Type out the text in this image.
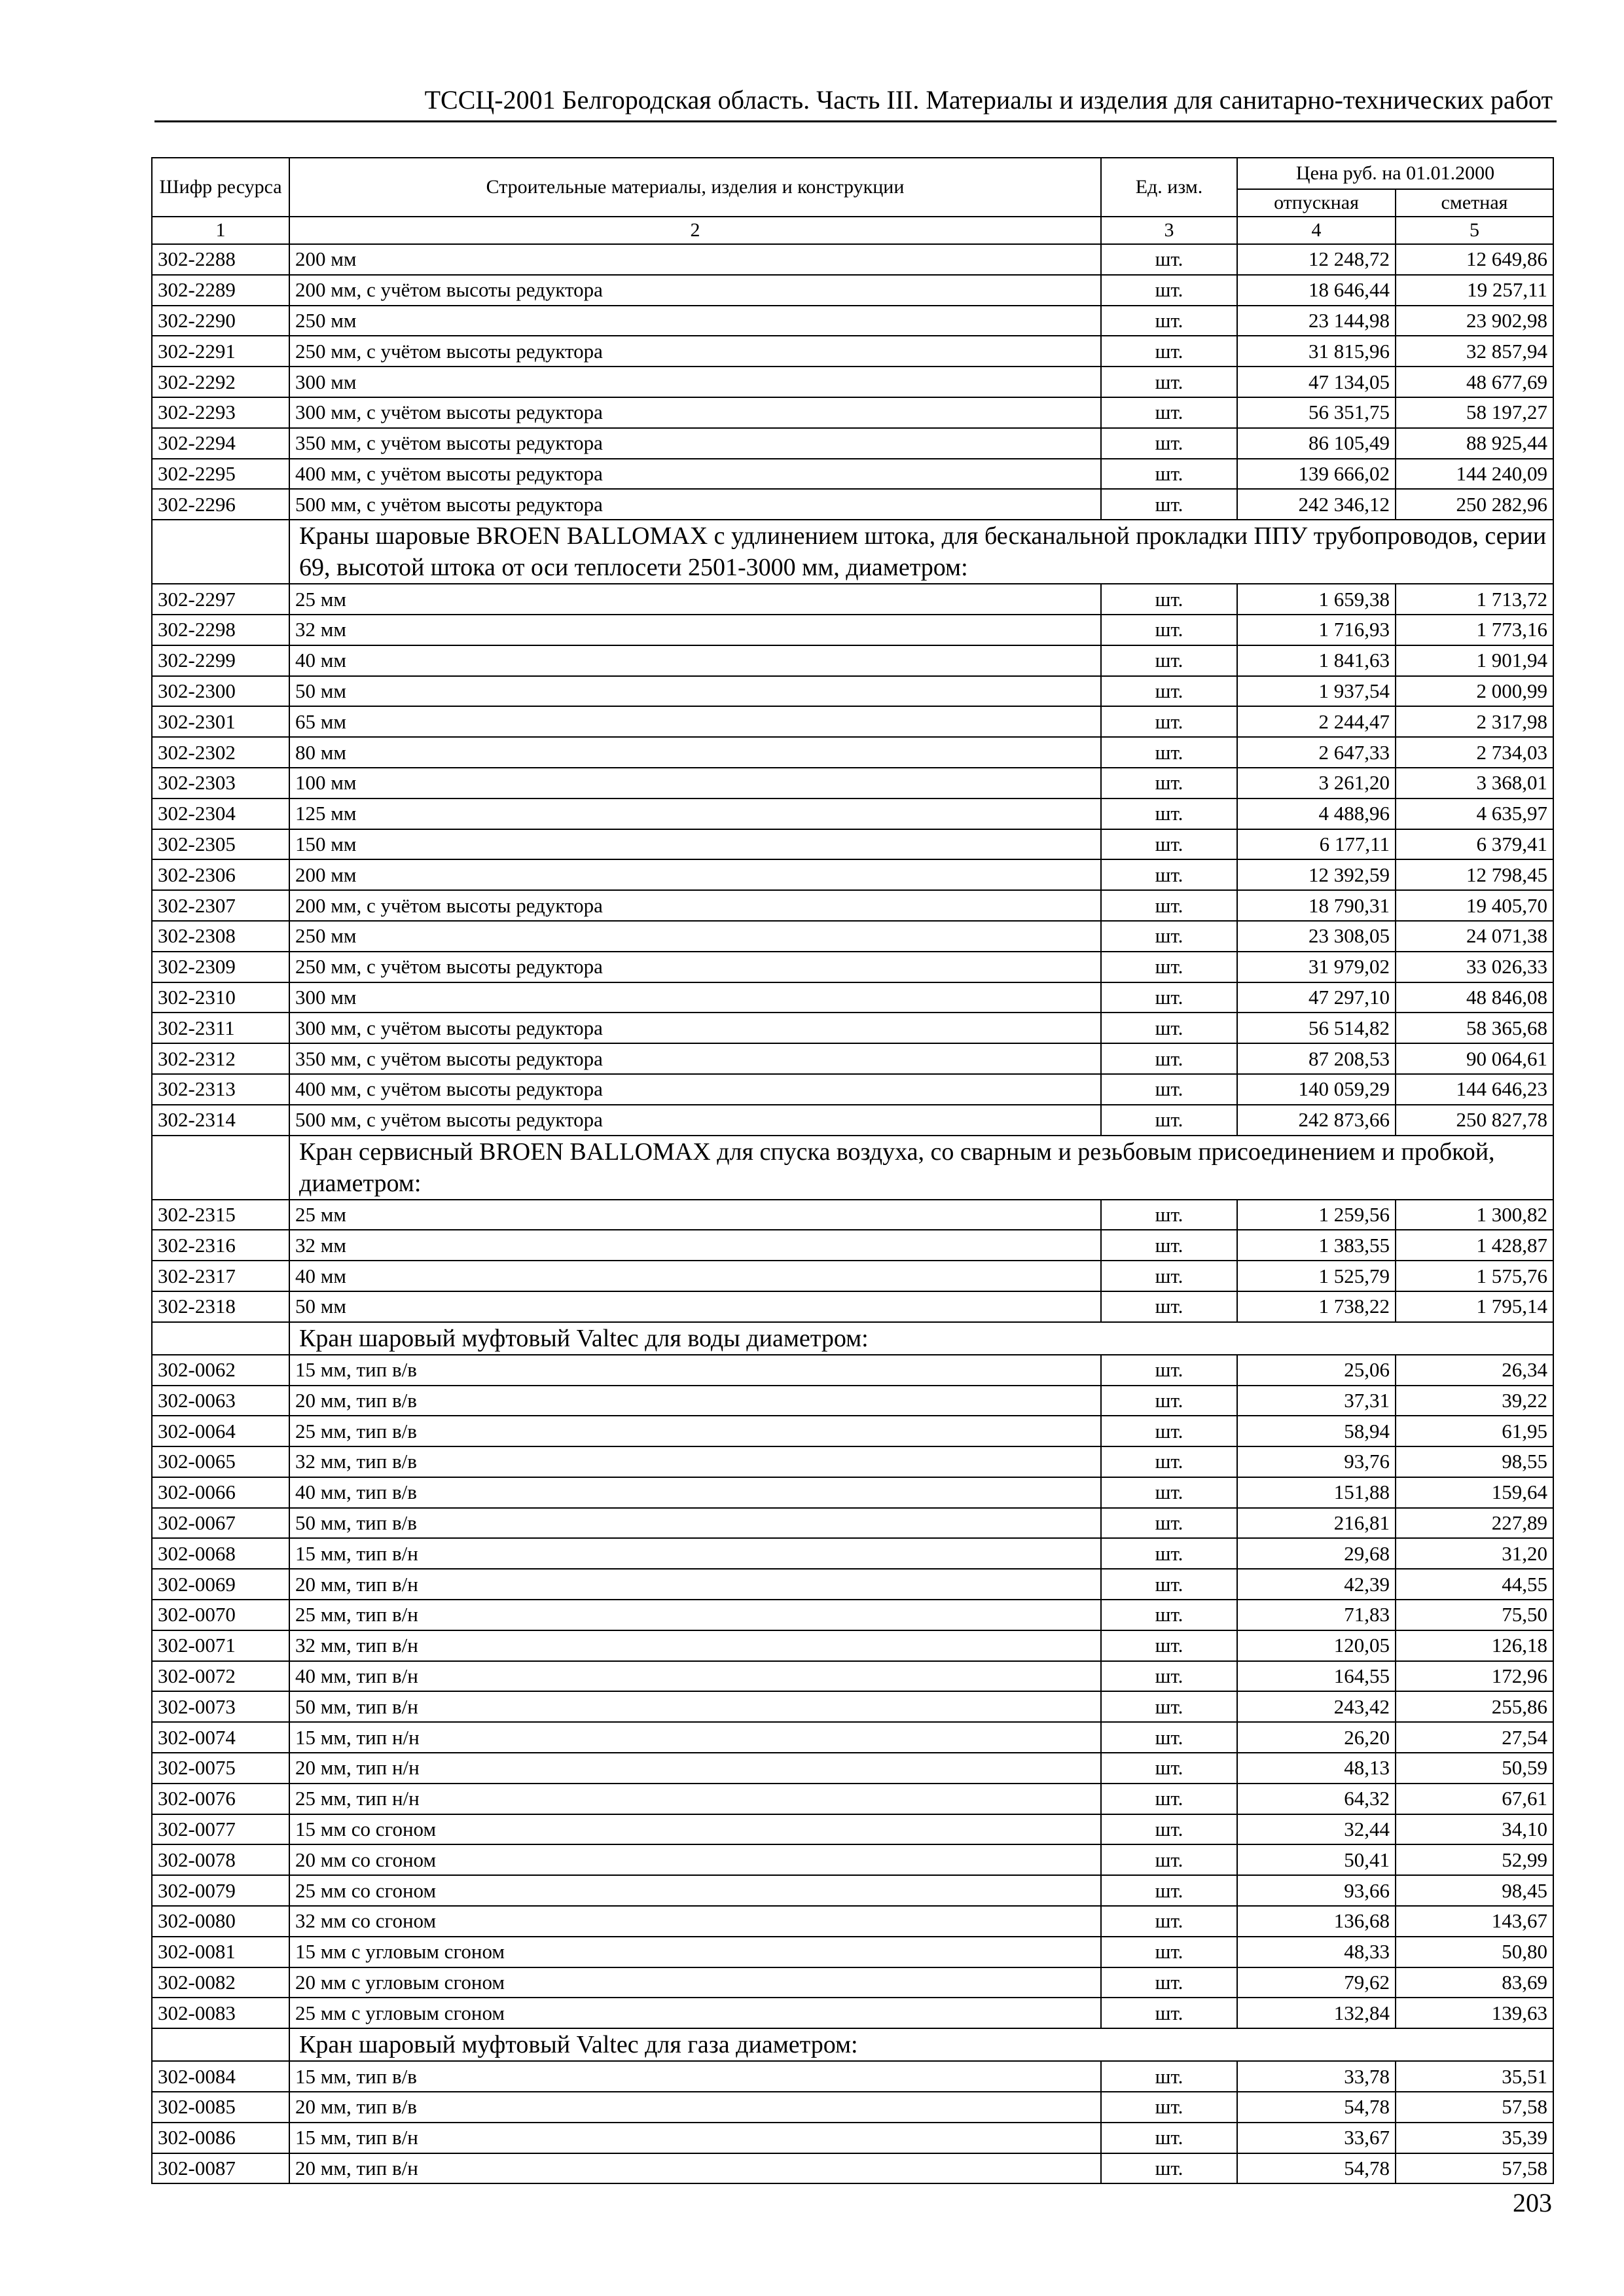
ТССЦ-2001 Белгородская область. Часть III. Материалы и изделия для санитарно-технических работ
Шифр ресурса	Строительные материалы, изделия и конструкции	Ед. изм.	Цена руб. на 01.01.2000	
			отпускная	сметная
1	2	3	4	5
302-2288	200 мм	шт.	12 248,72	12 649,86
302-2289	200 мм, с учётом высоты редуктора	шт.	18 646,44	19 257,11
302-2290	250 мм	шт.	23 144,98	23 902,98
302-2291	250 мм, с учётом высоты редуктора	шт.	31 815,96	32 857,94
302-2292	300 мм	шт.	47 134,05	48 677,69
302-2293	300 мм, с учётом высоты редуктора	шт.	56 351,75	58 197,27
302-2294	350 мм, с учётом высоты редуктора	шт.	86 105,49	88 925,44
302-2295	400 мм, с учётом высоты редуктора	шт.	139 666,02	144 240,09
302-2296	500 мм, с учётом высоты редуктора	шт.	242 346,12	250 282,96
	Краны шаровые BROEN BALLOMAX с удлинением штока, для бесканальной прокладки ППУ трубопроводов, серии 69, высотой штока от оси теплосети 2501-3000 мм, диаметром:			
302-2297	25 мм	шт.	1 659,38	1 713,72
302-2298	32 мм	шт.	1 716,93	1 773,16
302-2299	40 мм	шт.	1 841,63	1 901,94
302-2300	50 мм	шт.	1 937,54	2 000,99
302-2301	65 мм	шт.	2 244,47	2 317,98
302-2302	80 мм	шт.	2 647,33	2 734,03
302-2303	100 мм	шт.	3 261,20	3 368,01
302-2304	125 мм	шт.	4 488,96	4 635,97
302-2305	150 мм	шт.	6 177,11	6 379,41
302-2306	200 мм	шт.	12 392,59	12 798,45
302-2307	200 мм, с учётом высоты редуктора	шт.	18 790,31	19 405,70
302-2308	250 мм	шт.	23 308,05	24 071,38
302-2309	250 мм, с учётом высоты редуктора	шт.	31 979,02	33 026,33
302-2310	300 мм	шт.	47 297,10	48 846,08
302-2311	300 мм, с учётом высоты редуктора	шт.	56 514,82	58 365,68
302-2312	350 мм, с учётом высоты редуктора	шт.	87 208,53	90 064,61
302-2313	400 мм, с учётом высоты редуктора	шт.	140 059,29	144 646,23
302-2314	500 мм, с учётом высоты редуктора	шт.	242 873,66	250 827,78
	Кран сервисный BROEN BALLOMAX для спуска воздуха, со сварным и резьбовым присоединением и пробкой, диаметром:			
302-2315	25 мм	шт.	1 259,56	1 300,82
302-2316	32 мм	шт.	1 383,55	1 428,87
302-2317	40 мм	шт.	1 525,79	1 575,76
302-2318	50 мм	шт.	1 738,22	1 795,14
	Кран шаровый муфтовый Valtec для воды диаметром:			
302-0062	15 мм, тип в/в	шт.	25,06	26,34
302-0063	20 мм, тип в/в	шт.	37,31	39,22
302-0064	25 мм, тип в/в	шт.	58,94	61,95
302-0065	32 мм, тип в/в	шт.	93,76	98,55
302-0066	40 мм, тип в/в	шт.	151,88	159,64
302-0067	50 мм, тип в/в	шт.	216,81	227,89
302-0068	15 мм, тип в/н	шт.	29,68	31,20
302-0069	20 мм, тип в/н	шт.	42,39	44,55
302-0070	25 мм, тип в/н	шт.	71,83	75,50
302-0071	32 мм, тип в/н	шт.	120,05	126,18
302-0072	40 мм, тип в/н	шт.	164,55	172,96
302-0073	50 мм, тип в/н	шт.	243,42	255,86
302-0074	15 мм, тип н/н	шт.	26,20	27,54
302-0075	20 мм, тип н/н	шт.	48,13	50,59
302-0076	25 мм, тип н/н	шт.	64,32	67,61
302-0077	15 мм со сгоном	шт.	32,44	34,10
302-0078	20 мм со сгоном	шт.	50,41	52,99
302-0079	25 мм со сгоном	шт.	93,66	98,45
302-0080	32 мм со сгоном	шт.	136,68	143,67
302-0081	15 мм с угловым сгоном	шт.	48,33	50,80
302-0082	20 мм с угловым сгоном	шт.	79,62	83,69
302-0083	25 мм с угловым сгоном	шт.	132,84	139,63
	Кран шаровый муфтовый Valtec для газа диаметром:			
302-0084	15 мм, тип в/в	шт.	33,78	35,51
302-0085	20 мм, тип в/в	шт.	54,78	57,58
302-0086	15 мм, тип в/н	шт.	33,67	35,39
302-0087	20 мм, тип в/н	шт.	54,78	57,58
203
